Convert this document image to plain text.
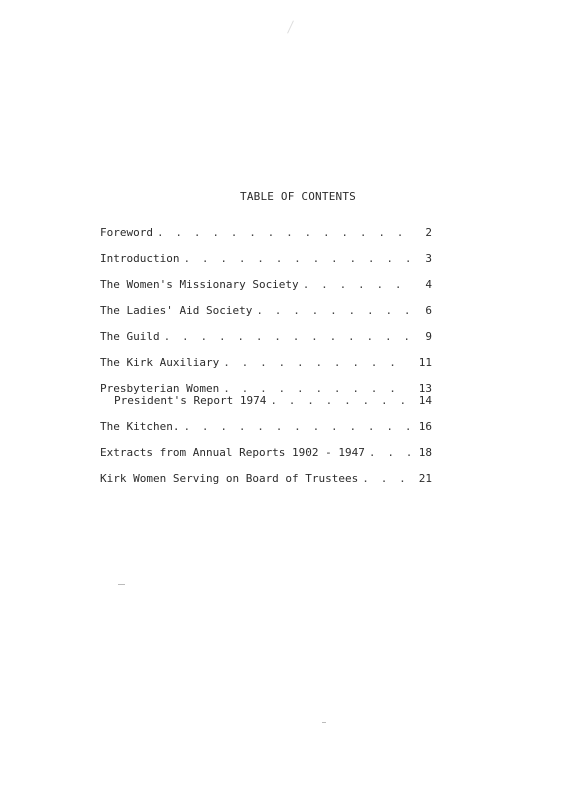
TABLE OF CONTENTS
Foreword . . .	2
Introduction . . .	3
The Women's Missionary Society . . .	4
The Ladies' Aid Society . . .	6
The Guild . . .	9
The Kirk Auxiliary . . .	11
Presbyterian Women . . .	13
President's Report 1974 . . .	14
The Kitchen. . . .	16
Extracts from Annual Reports 1902 - 1947 . . .	18
Kirk Women Serving on Board of Trustees . . .	21
